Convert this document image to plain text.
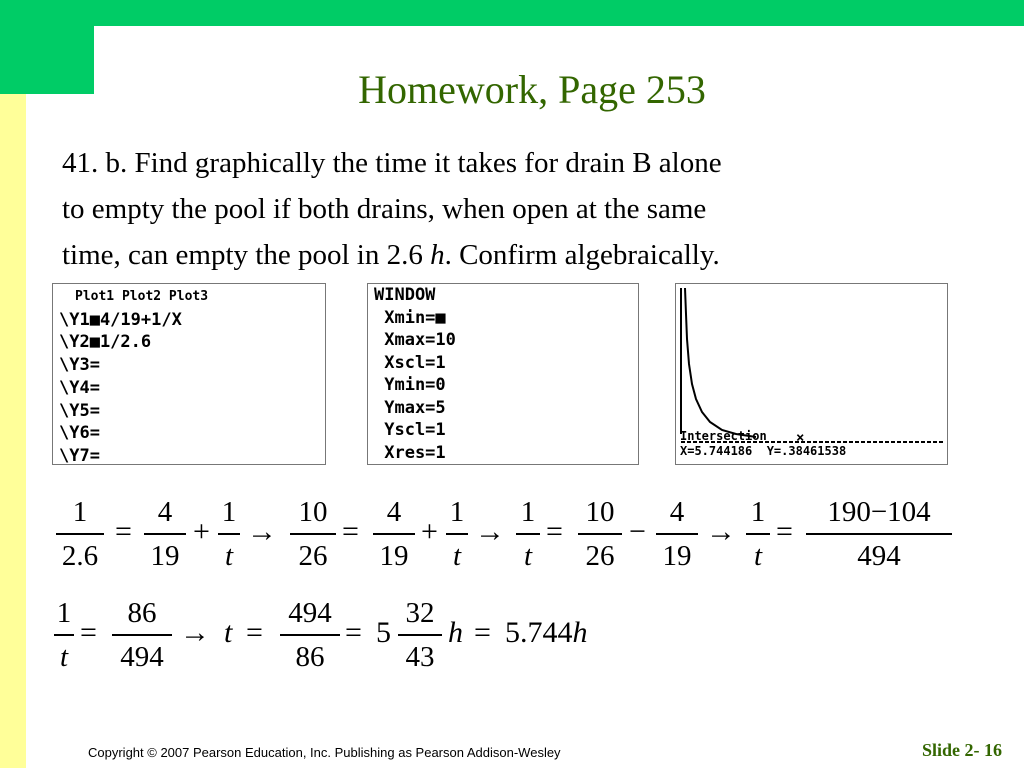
Homework, Page 253
41. b. Find graphically the time it takes for drain B alone
to empty the pool if both drains, when open at the same
time, can empty the pool in 2.6 h. Confirm algebraically.
Plot1 Plot2 Plot3
\Y1■4/19+1/X
\Y2■1/2.6
\Y3=
\Y4=
\Y5=
\Y6=
\Y7=
WINDOW
Xmin=■
Xmax=10
Xscl=1
Ymin=0
Ymax=5
Yscl=1
Xres=1
×
Intersection
X=5.744186  Y=.38461538
1
2.6
=
4
19
+
1
t
→
10
26
=
4
19
+
1
t
→
1
t
=
10
26
−
4
19
→
1
t
=
190−104
494
1
t
=
86
494
→ t =
494
86
= 5
32
43
h = 5.744h
Copyright © 2007 Pearson Education, Inc. Publishing as Pearson Addison-Wesley	Slide 2- 16
